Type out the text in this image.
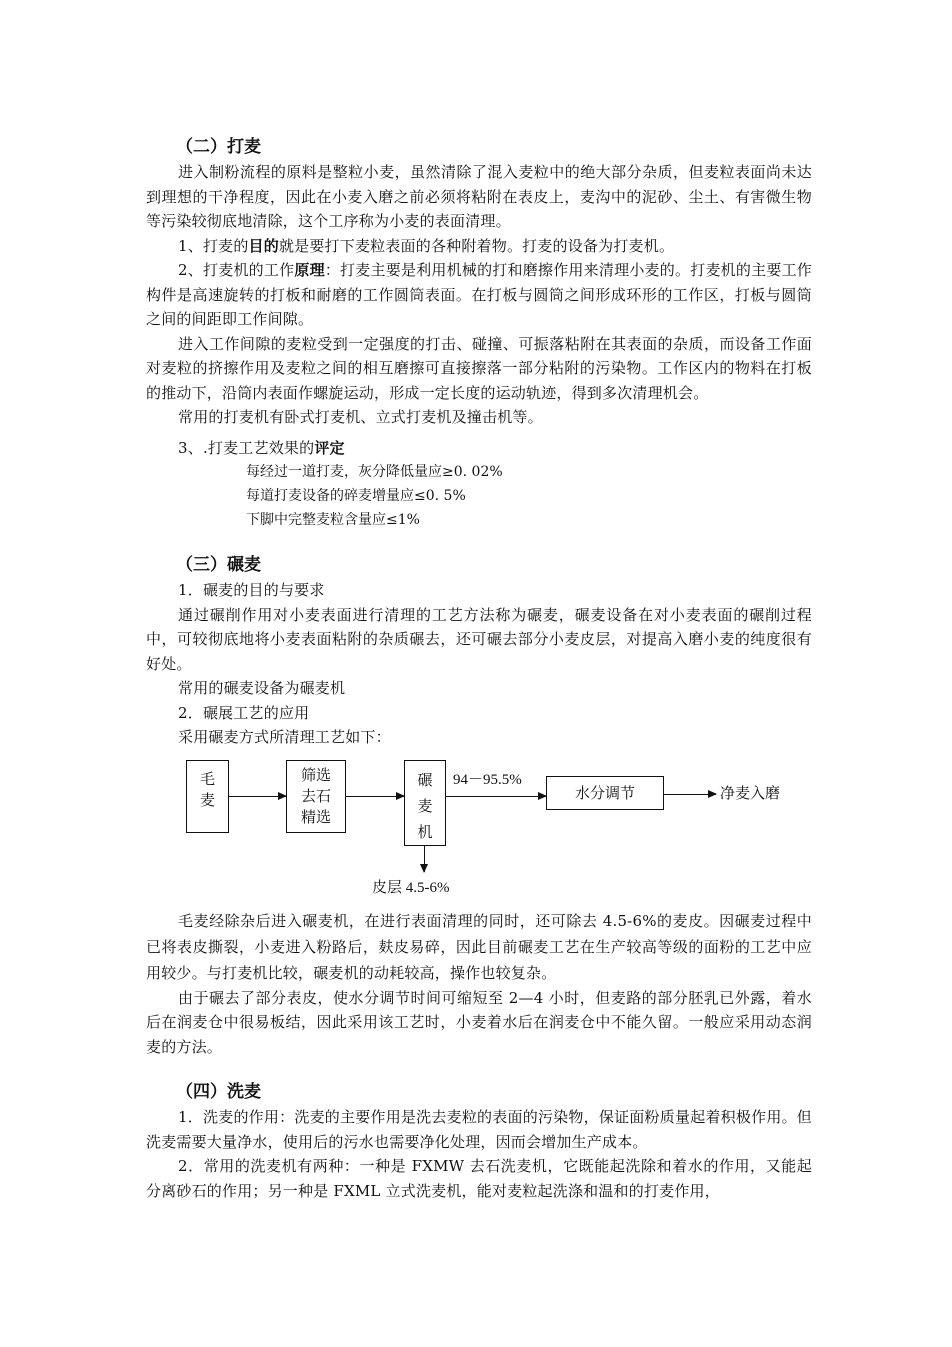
（二）打麦

进入制粉流程的原料是整粒小麦，虽然清除了混入麦粒中的绝大部分杂质，但麦粒表面尚未达到理想的干净程度，因此在小麦入磨之前必须将粘附在表皮上，麦沟中的泥砂、尘土、有害微生物等污染较彻底地清除，这个工序称为小麦的表面清理。

1、打麦的目的就是要打下麦粒表面的各种附着物。打麦的设备为打麦机。

2、打麦机的工作原理：打麦主要是利用机械的打和磨擦作用来清理小麦的。打麦机的主要工作构件是高速旋转的打板和耐磨的工作圆筒表面。在打板与圆筒之间形成环形的工作区，打板与圆筒之间的间距即工作间隙。

进入工作间隙的麦粒受到一定强度的打击、碰撞、可振落粘附在其表面的杂质，而设备工作面对麦粒的挤擦作用及麦粒之间的相互磨擦可直接擦落一部分粘附的污染物。工作区内的物料在打板的推动下，沿筒内表面作螺旋运动，形成一定长度的运动轨迹，得到多次清理机会。

常用的打麦机有卧式打麦机、立式打麦机及撞击机等。

3、.打麦工艺效果的评定

每经过一道打麦，灰分降低量应≥0. 02%
每道打麦设备的碎麦增量应≤0. 5%
下脚中完整麦粒含量应≤1%
（三）碾麦

1．碾麦的目的与要求

通过碾削作用对小麦表面进行清理的工艺方法称为碾麦，碾麦设备在对小麦表面的碾削过程中，可较彻底地将小麦表面粘附的杂质碾去，还可碾去部分小麦皮层，对提高入磨小麦的纯度很有好处。

常用的碾麦设备为碾麦机

2．碾展工艺的应用

采用碾麦方式所清理工艺如下：

毛
麦
筛选
去石
精选
碾
麦
机
94－95.5%
水分调节	净麦入磨
皮层 4.5-6%

毛麦经除杂后进入碾麦机，在进行表面清理的同时，还可除去 4.5-6%的麦皮。因碾麦过程中已将表皮撕裂，小麦进入粉路后，麸皮易碎，因此目前碾麦工艺在生产较高等级的面粉的工艺中应用较少。与打麦机比较，碾麦机的动耗较高，操作也较复杂。

由于碾去了部分表皮，使水分调节时间可缩短至 2—4 小时，但麦路的部分胚乳已外露，着水后在润麦仓中很易板结，因此采用该工艺时，小麦着水后在润麦仓中不能久留。一般应采用动态润麦的方法。

（四）洗麦

1．洗麦的作用：洗麦的主要作用是洗去麦粒的表面的污染物，保证面粉质量起着积极作用。但洗麦需要大量净水，使用后的污水也需要净化处理，因而会增加生产成本。

2．常用的洗麦机有两种：一种是 FXMW 去石洗麦机，它既能起洗除和着水的作用，又能起分离砂石的作用；另一种是 FXML 立式洗麦机，能对麦粒起洗涤和温和的打麦作用，
